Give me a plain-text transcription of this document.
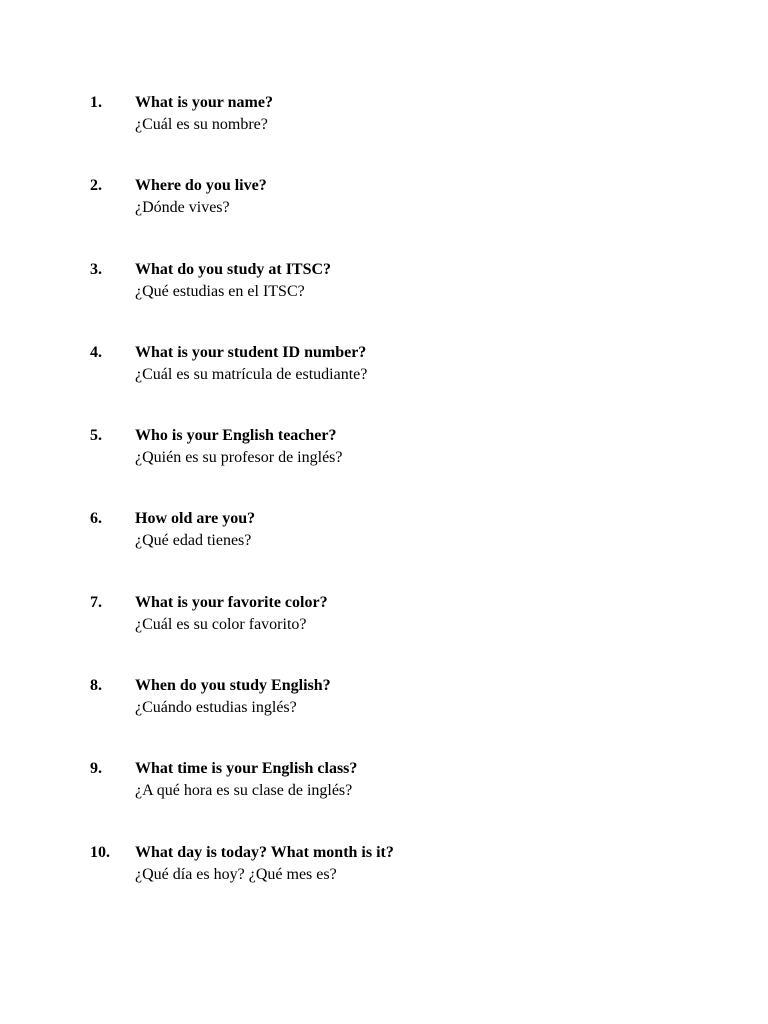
1. What is your name?
¿Cuál es su nombre?
2. Where do you live?
¿Dónde vives?
3. What do you study at ITSC?
¿Qué estudias en el ITSC?
4. What is your student ID number?
¿Cuál es su matrícula de estudiante?
5. Who is your English teacher?
¿Quién es su profesor de inglés?
6. How old are you?
¿Qué edad tienes?
7. What is your favorite color?
¿Cuál es su color favorito?
8. When do you study English?
¿Cuándo estudias inglés?
9. What time is your English class?
¿A qué hora es su clase de inglés?
10. What day is today? What month is it?
¿Qué día es hoy? ¿Qué mes es?
